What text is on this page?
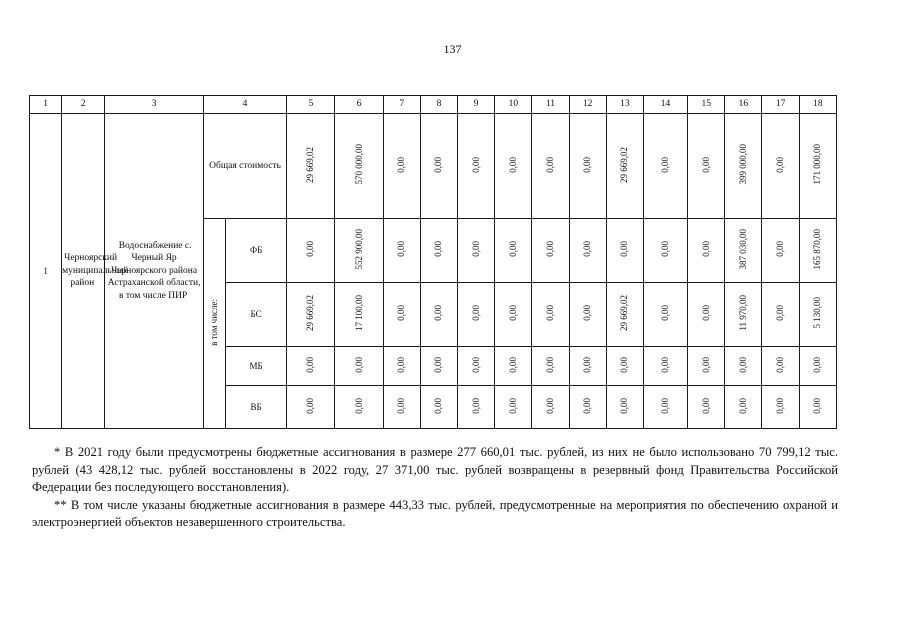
137
1	2	3	4		5	6	7	8	9	10	11	12	13	14	15	16	17	18
1	Черноярский муниципальный район	Водоснабжение с. Черный Яр Черноярского района Астраханской области, в том числе ПИР	Общая стоимость		29 669,02	570 000,00	0,00	0,00	0,00	0,00	0,00	0,00	29 669,02	0,00	0,00	399 000,00	0,00	171 000,00
			в том числе:	ФБ	0,00	552 900,00	0,00	0,00	0,00	0,00	0,00	0,00	0,00	0,00	0,00	387 030,00	0,00	165 870,00
				БС	29 669,02	17 100,00	0,00	0,00	0,00	0,00	0,00	0,00	29 669,02	0,00	0,00	11 970,00	0,00	5 130,00
				МБ	0,00	0,00	0,00	0,00	0,00	0,00	0,00	0,00	0,00	0,00	0,00	0,00	0,00	0,00
				ВБ	0,00	0,00	0,00	0,00	0,00	0,00	0,00	0,00	0,00	0,00	0,00	0,00	0,00	0,00

* В 2021 году были предусмотрены бюджетные ассигнования в размере 277 660,01 тыс. рублей, из них не было использовано 70 799,12 тыс. рублей (43 428,12 тыс. рублей восстановлены в 2022 году, 27 371,00 тыс. рублей возвращены в резервный фонд Правительства Российской Федерации без последующего восстановления).

** В том числе указаны бюджетные ассигнования в размере 443,33 тыс. рублей, предусмотренные на мероприятия по обеспечению охраной и электроэнергией объектов незавершенного строительства.
